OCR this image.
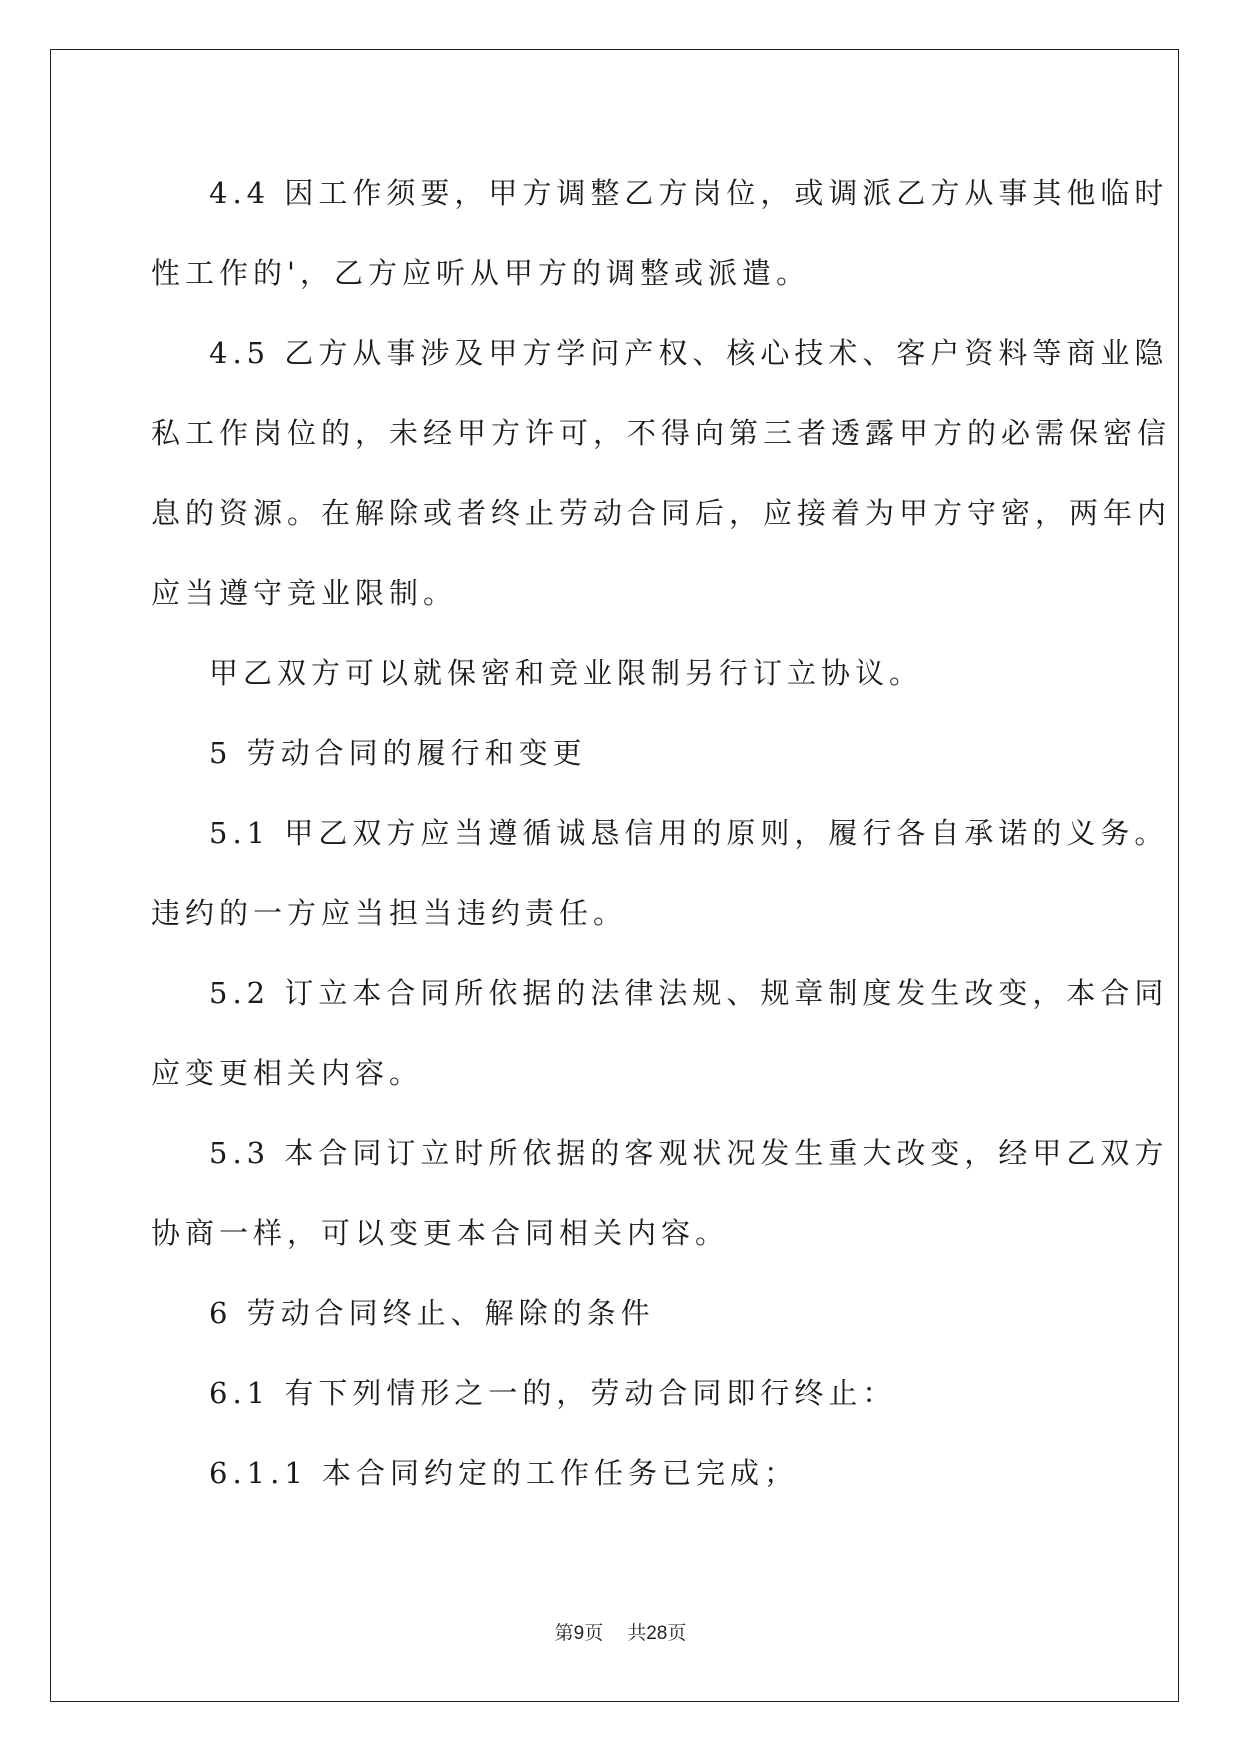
4.4 因工作须要，甲方调整乙方岗位，或调派乙方从事其他临时
性工作的'，乙方应听从甲方的调整或派遣。
4.5 乙方从事涉及甲方学问产权、核心技术、客户资料等商业隐
私工作岗位的，未经甲方许可，不得向第三者透露甲方的必需保密信
息的资源。在解除或者终止劳动合同后，应接着为甲方守密，两年内
应当遵守竞业限制。
甲乙双方可以就保密和竞业限制另行订立协议。
5 劳动合同的履行和变更
5.1 甲乙双方应当遵循诚恳信用的原则，履行各自承诺的义务。
违约的一方应当担当违约责任。
5.2 订立本合同所依据的法律法规、规章制度发生改变，本合同
应变更相关内容。
5.3 本合同订立时所依据的客观状况发生重大改变，经甲乙双方
协商一样，可以变更本合同相关内容。
6 劳动合同终止、解除的条件
6.1 有下列情形之一的，劳动合同即行终止：
6.1.1 本合同约定的工作任务已完成；
第9页 共28页
